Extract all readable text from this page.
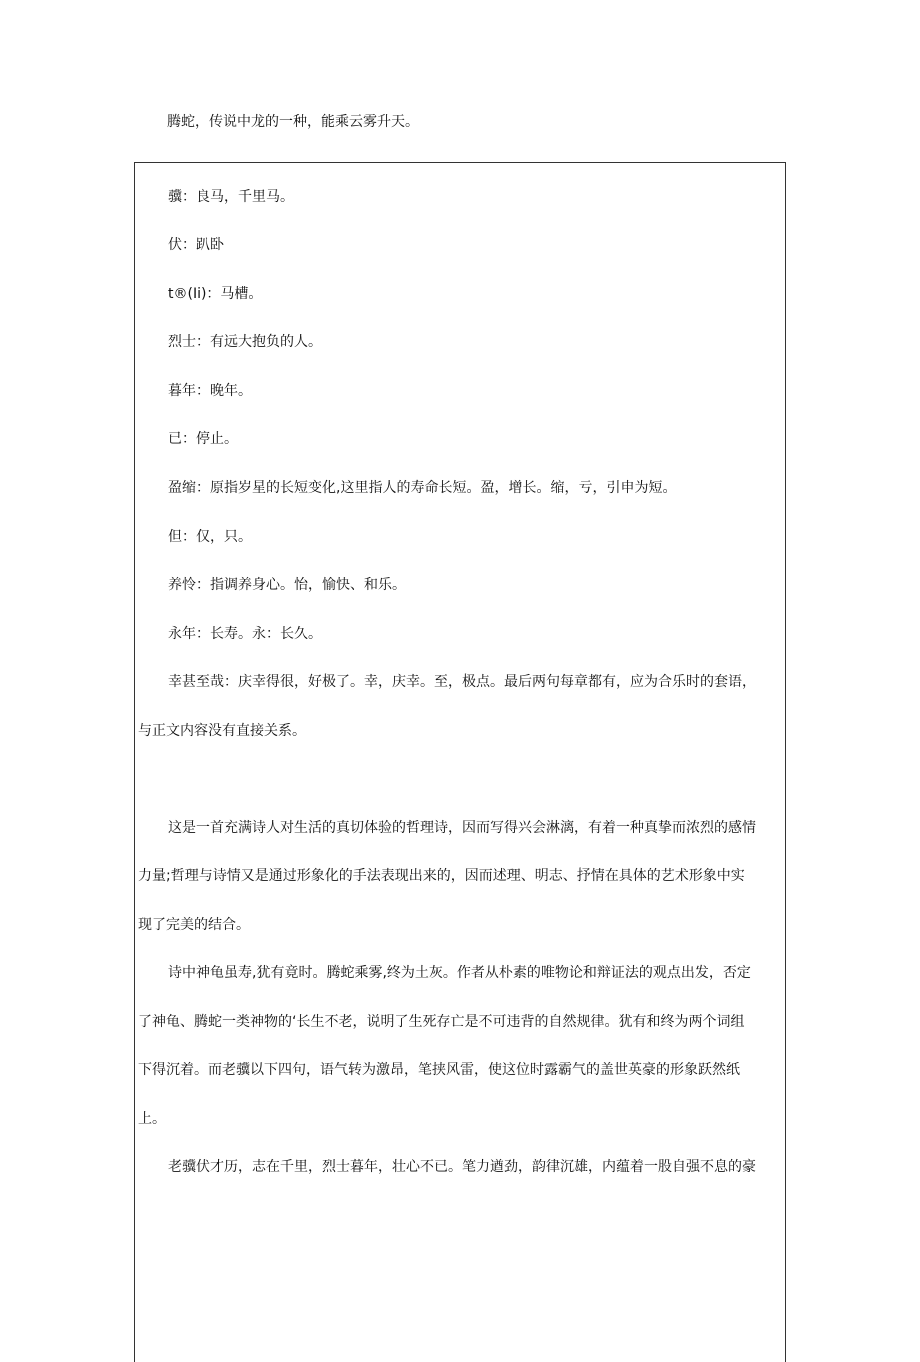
腾蛇，传说中龙的一种，能乘云雾升天。
骥：良马，千里马。
伏：趴卧
t®(Ii)：马槽。
烈士：有远大抱负的人。
暮年：晚年。
已：停止。
盈缩：原指岁星的长短变化,这里指人的寿命长短。盈，增长。缩，亏，引申为短。
但：仅，只。
养怜：指调养身心。怡，愉快、和乐。
永年：长寿。永：长久。
幸甚至哉：庆幸得很，好极了。幸，庆幸。至，极点。最后两句每章都有，应为合乐时的套语，
与正文内容没有直接关系。
这是一首充满诗人对生活的真切体验的哲理诗，因而写得兴会淋漓，有着一种真挚而浓烈的感情
力量;哲理与诗情又是通过形象化的手法表现出来的，因而述理、明志、抒情在具体的艺术形象中实
现了完美的结合。
诗中神龟虽寿,犹有竟时。腾蛇乘雾,终为土灰。作者从朴素的唯物论和辩证法的观点出发，否定
了神龟、腾蛇一类神物的‘长生不老，说明了生死存亡是不可违背的自然规律。犹有和终为两个词组
下得沉着。而老骥以下四句，语气转为激昂，笔挟风雷，使这位时露霸气的盖世英豪的形象跃然纸
上。
老骥伏才历，志在千里，烈士暮年，壮心不已。笔力遒劲，韵律沉雄，内蕴着一股自强不息的豪
